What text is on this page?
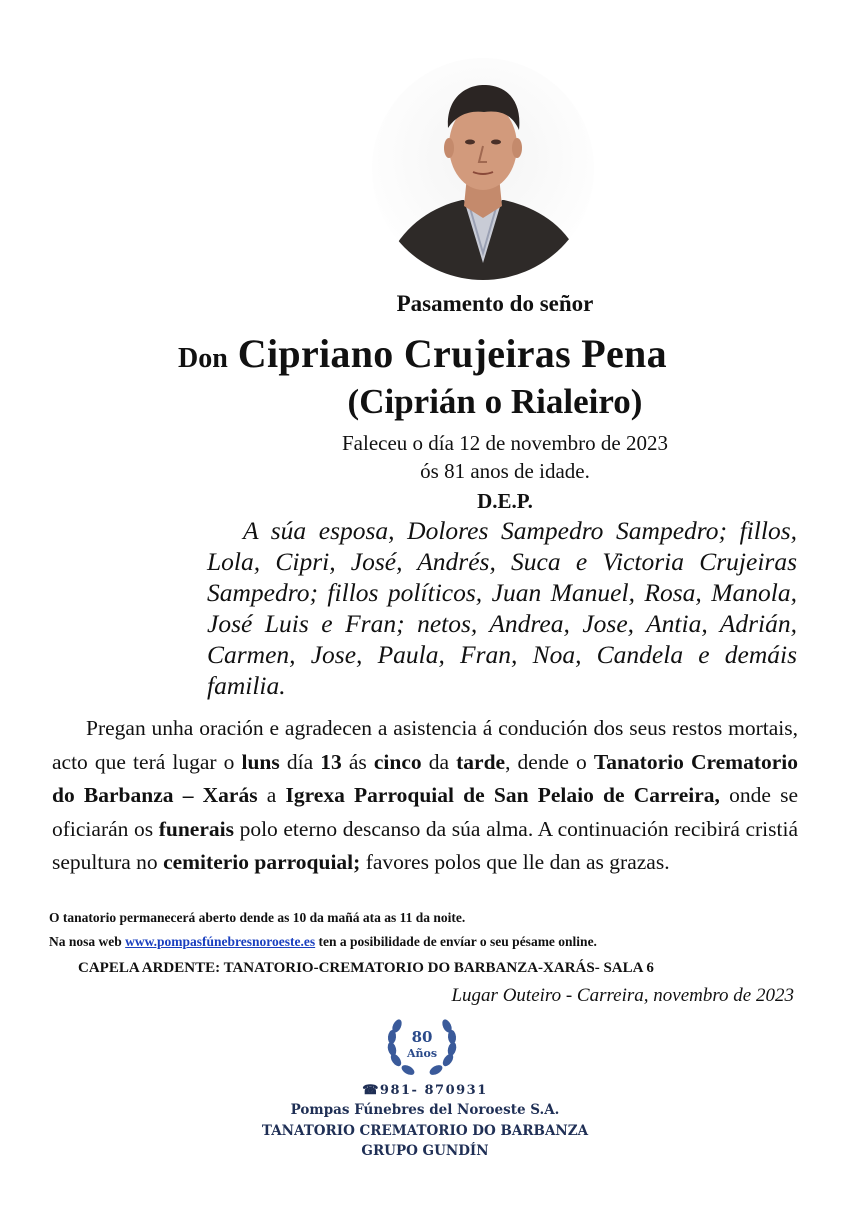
Pasamento do señor
Don Cipriano Crujeiras Pena
(Ciprián o Rialeiro)
Faleceu o día 12 de novembro de 2023
ós 81 anos de idade.
D.E.P.
A súa esposa, Dolores Sampedro Sampedro; fillos, Lola, Cipri, José, Andrés, Suca e Victoria Crujeiras Sampedro; fillos políticos, Juan Manuel, Rosa, Manola, José Luis e Fran; netos, Andrea, Jose, Antia, Adrián, Carmen, Jose, Paula, Fran, Noa, Candela e demáis familia.
Pregan unha oración e agradecen a asistencia á condución dos seus restos mortais, acto que terá lugar o luns día 13 ás cinco da tarde, dende o Tanatorio Crematorio do Barbanza – Xarás a Igrexa Parroquial de San Pelaio de Carreira, onde se oficiarán os funerais polo eterno descanso da súa alma. A continuación recibirá cristiá sepultura no cemiterio parroquial; favores polos que lle dan as grazas.
O tanatorio permanecerá aberto dende as 10 da mañá ata as 11 da noite.
Na nosa web www.pompasfúnebresnoroeste.es ten a posibilidade de envíar o seu pésame online.
CAPELA ARDENTE: TANATORIO-CREMATORIO DO BARBANZA-XARÁS- SALA 6
Lugar Outeiro - Carreira, novembro de 2023
80
Años
☎981- 870931
Pompas Fúnebres del Noroeste S.A.
TANATORIO CREMATORIO DO BARBANZA
GRUPO GUNDÍN
